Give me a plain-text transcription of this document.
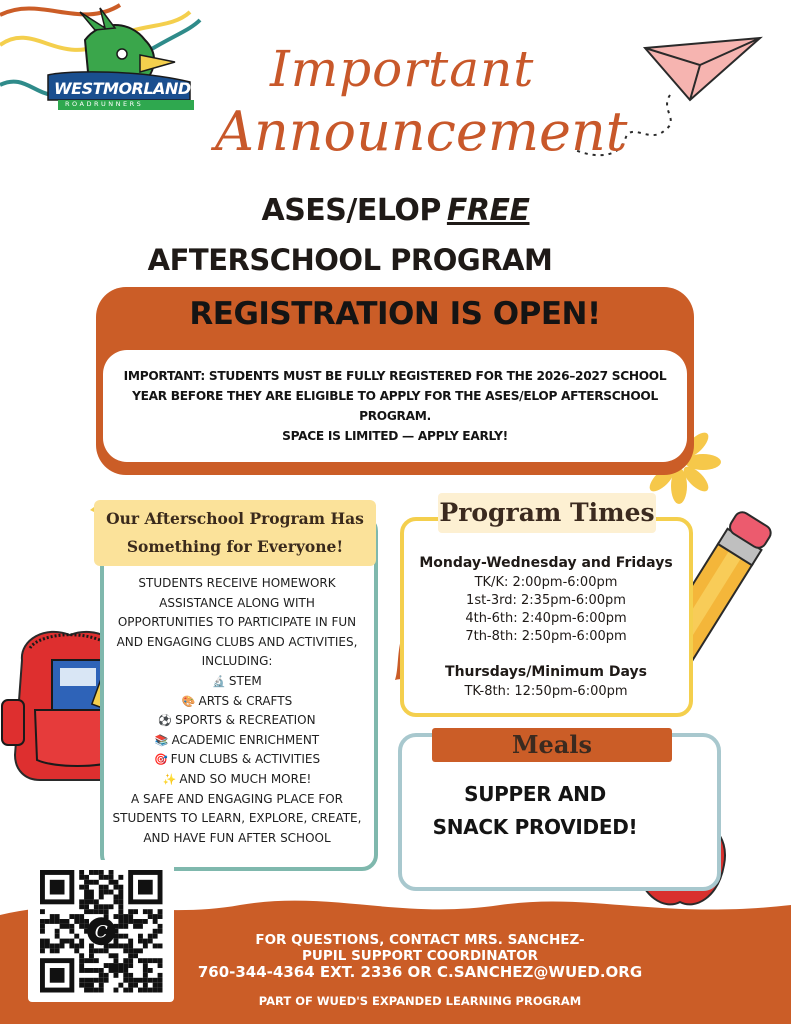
WESTMORLAND
ROADRUNNERS
Important
Announcement
ASES/ELOP FREE
AFTERSCHOOL PROGRAM
REGISTRATION IS OPEN!
IMPORTANT: STUDENTS MUST BE FULLY REGISTERED FOR THE 2026–2027 SCHOOL
YEAR BEFORE THEY ARE ELIGIBLE TO APPLY FOR THE ASES/ELOP AFTERSCHOOL
PROGRAM.
SPACE IS LIMITED — APPLY EARLY!
Our Afterschool Program Has
Something for Everyone!
STUDENTS RECEIVE HOMEWORK
ASSISTANCE ALONG WITH
OPPORTUNITIES TO PARTICIPATE IN FUN
AND ENGAGING CLUBS AND ACTIVITIES,
INCLUDING:
🔬 STEM
🎨 ARTS & CRAFTS
⚽ SPORTS & RECREATION
📚 ACADEMIC ENRICHMENT
🎯 FUN CLUBS & ACTIVITIES
✨ AND SO MUCH MORE!
A SAFE AND ENGAGING PLACE FOR
STUDENTS TO LEARN, EXPLORE, CREATE,
AND HAVE FUN AFTER SCHOOL
Program Times
Monday-Wednesday and Fridays
TK/K: 2:00pm-6:00pm
1st-3rd: 2:35pm-6:00pm
4th-6th: 2:40pm-6:00pm
7th-8th: 2:50pm-6:00pm
Thursdays/Minimum Days
TK-8th: 12:50pm-6:00pm
Meals
SUPPER AND
SNACK PROVIDED!
C	FOR QUESTIONS, CONTACT MRS. SANCHEZ-
PUPIL SUPPORT COORDINATOR
760-344-4364 EXT. 2336 OR C.SANCHEZ@WUED.ORG
PART OF WUED'S EXPANDED LEARNING PROGRAM
